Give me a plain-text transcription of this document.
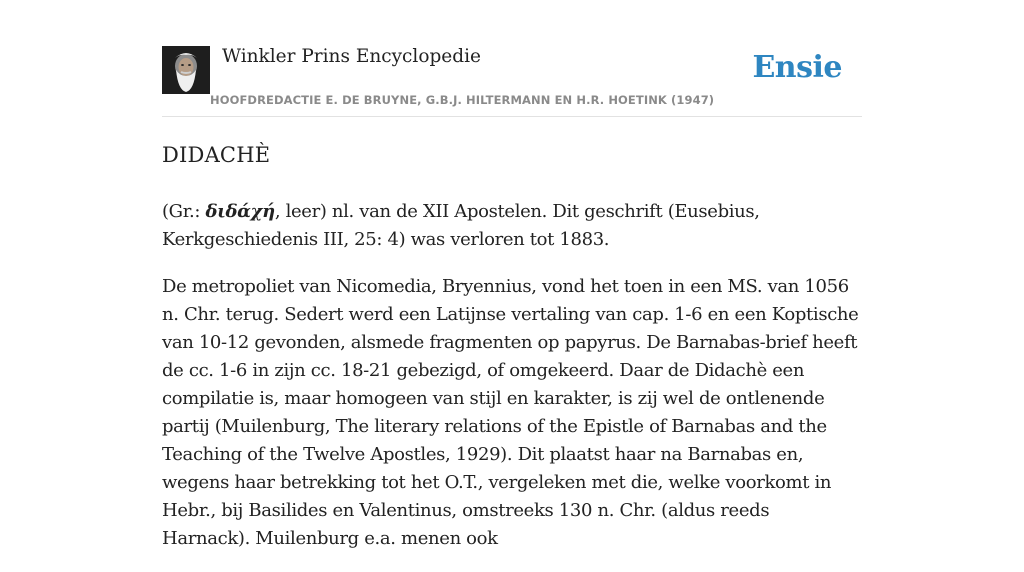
Winkler Prins Encyclopedie
HOOFDREDACTIE E. DE BRUYNE, G.B.J. HILTERMANN EN H.R. HOETINK (1947)
Ensie
DIDACHÈ

(Gr.: διδάχή, leer) nl. van de XII Apostelen. Dit geschrift (Eusebius, Kerkgeschiedenis III, 25: 4) was verloren tot 1883.

De metropoliet van Nicomedia, Bryennius, vond het toen in een MS. van 1056 n. Chr. terug. Sedert werd een Latijnse vertaling van cap. 1-6 en een Koptische van 10-12 gevonden, alsmede fragmenten op papyrus. De Barnabas-brief heeft de cc. 1-6 in zijn cc. 18-21 gebezigd, of omgekeerd. Daar de Didachè een compilatie is, maar homogeen van stijl en karakter, is zij wel de ontlenende partij (Muilenburg, The literary relations of the Epistle of Barnabas and the Teaching of the Twelve Apostles, 1929). Dit plaatst haar na Barnabas en, wegens haar betrekking tot het O.T., vergeleken met die, welke voorkomt in Hebr., bij Basilides en Valentinus, omstreeks 130 n. Chr. (aldus reeds Harnack). Muilenburg e.a. menen ook
